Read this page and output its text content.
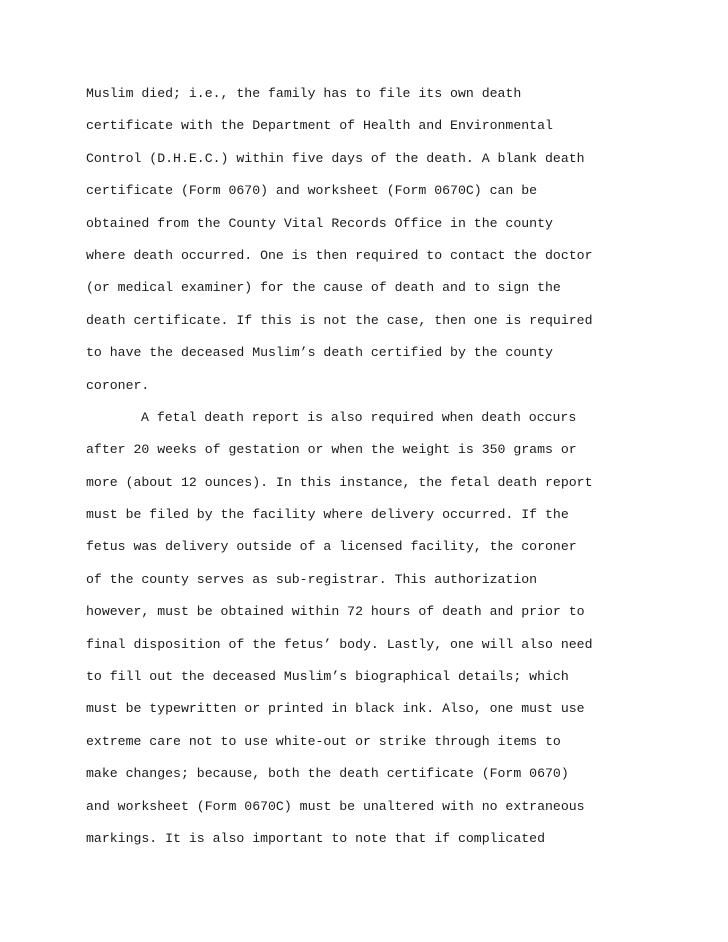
Muslim died; i.e., the family has to file its own death
certificate with the Department of Health and Environmental
Control (D.H.E.C.) within five days of the death. A blank death
certificate (Form 0670) and worksheet (Form 0670C) can be
obtained from the County Vital Records Office in the county
where death occurred. One is then required to contact the doctor
(or medical examiner) for the cause of death and to sign the
death certificate. If this is not the case, then one is required
to have the deceased Muslim’s death certified by the county
coroner.
A fetal death report is also required when death occurs
after 20 weeks of gestation or when the weight is 350 grams or
more (about 12 ounces). In this instance, the fetal death report
must be filed by the facility where delivery occurred. If the
fetus was delivery outside of a licensed facility, the coroner
of the county serves as sub-registrar. This authorization
however, must be obtained within 72 hours of death and prior to
final disposition of the fetus’ body. Lastly, one will also need
to fill out the deceased Muslim’s biographical details; which
must be typewritten or printed in black ink. Also, one must use
extreme care not to use white-out or strike through items to
make changes; because, both the death certificate (Form 0670)
and worksheet (Form 0670C) must be unaltered with no extraneous
markings. It is also important to note that if complicated
